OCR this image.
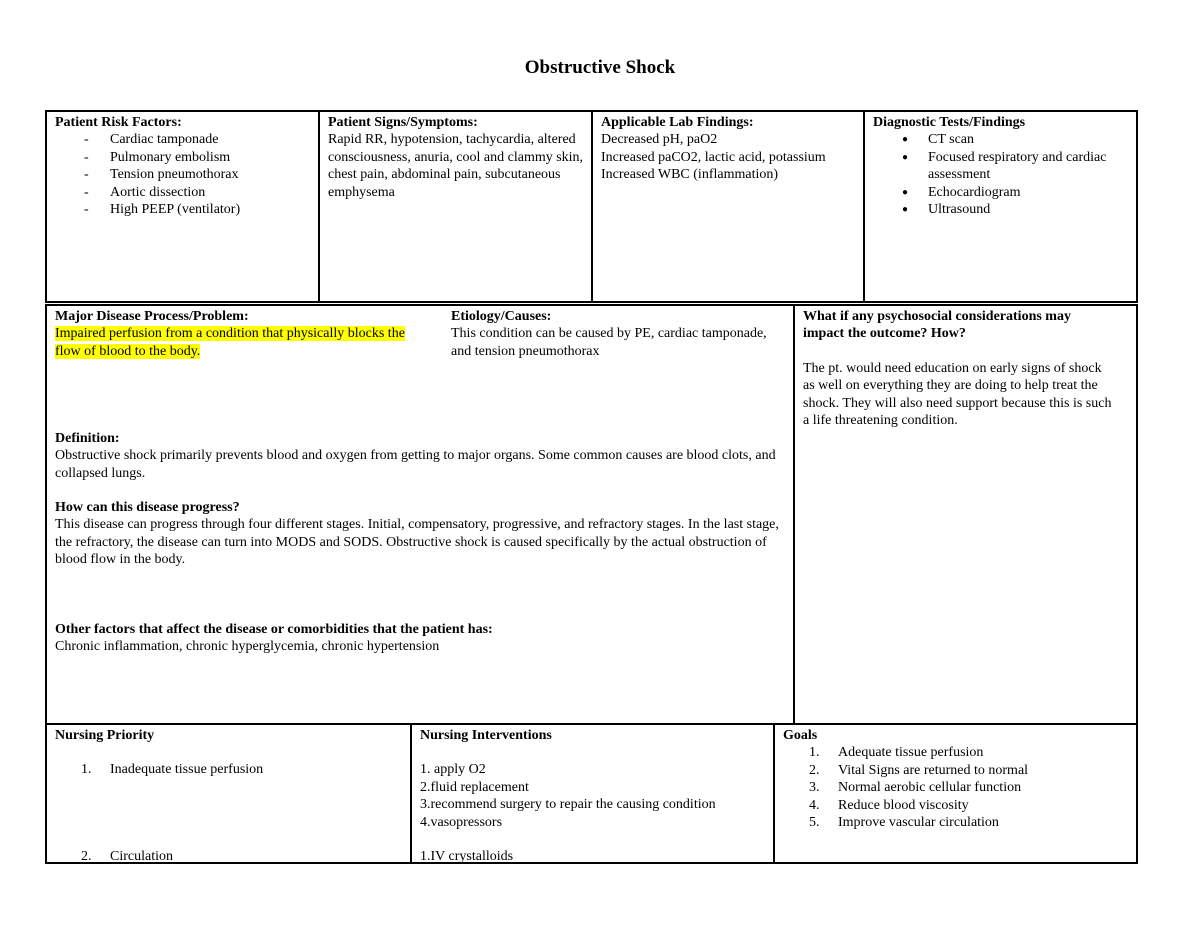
Obstructive Shock
Patient Risk Factors:
- Cardiac tamponade
- Pulmonary embolism
- Tension pneumothorax
- Aortic dissection
- High PEEP (ventilator)
Patient Signs/Symptoms:

Rapid RR, hypotension, tachycardia, altered consciousness, anuria, cool and clammy skin, chest pain, abdominal pain, subcutaneous emphysema

Applicable Lab Findings:
Decreased pH, paO2
Increased paCO2, lactic acid, potassium
Increased WBC (inflammation)
Diagnostic Tests/Findings
● CT scan
● Focused respiratory and cardiac assessment
● Echocardiogram
● Ultrasound
Major Disease Process/Problem:

Impaired perfusion from a condition that physically blocks the flow of blood to the body.

Etiology/Causes:

This condition can be caused by PE, cardiac tamponade, and tension pneumothorax

Definition:

Obstructive shock primarily prevents blood and oxygen from getting to major organs. Some common causes are blood clots, and collapsed lungs.

How can this disease progress?

This disease can progress through four different stages. Initial, compensatory, progressive, and refractory stages. In the last stage, the refractory, the disease can turn into MODS and SODS. Obstructive shock is caused specifically by the actual obstruction of blood flow in the body.

Other factors that affect the disease or comorbidities that the patient has:

Chronic inflammation, chronic hyperglycemia, chronic hypertension

What if any psychosocial considerations may impact the outcome? How?

The pt. would need education on early signs of shock as well on everything they are doing to help treat the shock. They will also need support because this is such a life threatening condition.

Nursing Priority
1. Inadequate tissue perfusion
2. Circulation
Nursing Interventions
1. apply O2
2.fluid replacement
3.recommend surgery to repair the causing condition
4.vasopressors
1.IV crystalloids
Goals
1. Adequate tissue perfusion
2. Vital Signs are returned to normal
3. Normal aerobic cellular function
4. Reduce blood viscosity
5. Improve vascular circulation
